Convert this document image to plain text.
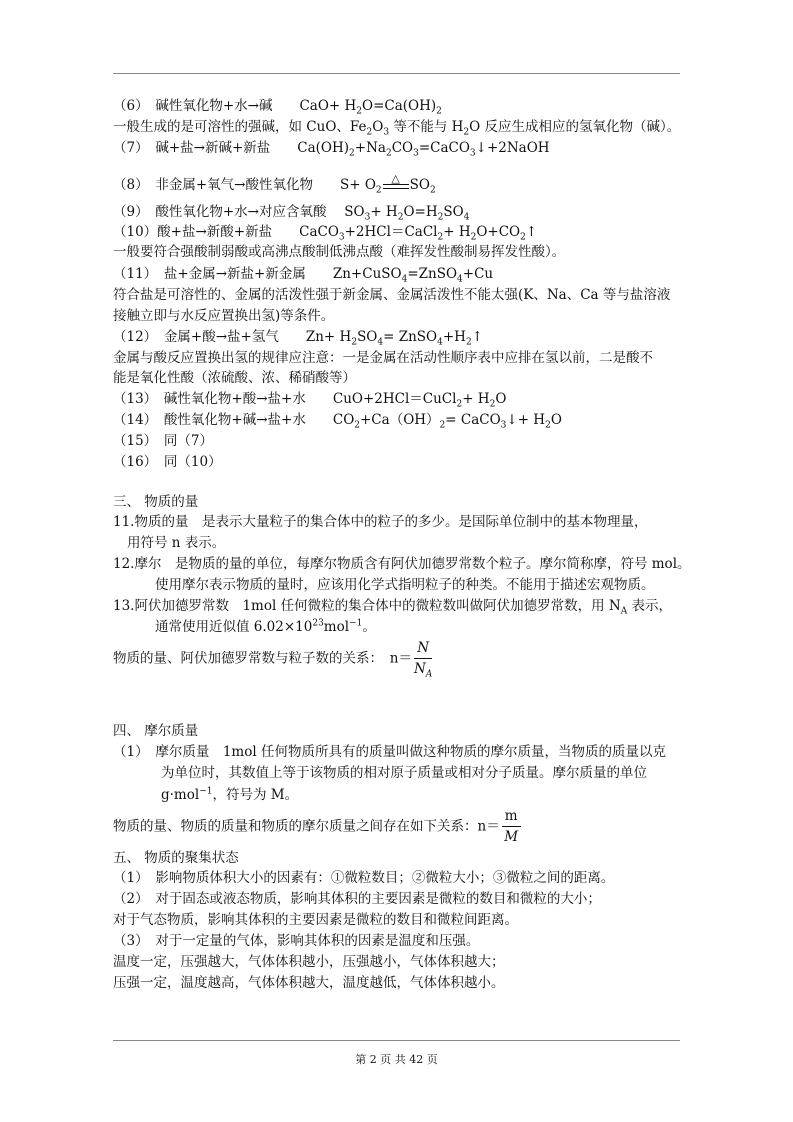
（6）　碱性氧化物+水→碱　　$CaO+ H_2O=Ca(OH)_2$
一般生成的是可溶性的强碱，如 CuO、$Fe_2O_3$ 等不能与 $H_2O$ 反应生成相应的氢氧化物（碱）。
（7）　碱+盐→新碱+新盐　　$Ca(OH)_2+Na_2CO_3=CaCO_3↓+2NaOH$
（8）　非金属+氧气→酸性氧化物　　$S+ O_2$
△ $SO_2$
（9）　酸性氧化物+水→对应含氧酸　 $SO_3+ H_2O=H_2SO_4$
（10）酸+盐→新酸+新盐　　CaCO$_3$+2HCl＝CaCl$_2$+ $H_2O+CO_2↑$
一般要符合强酸制弱酸或高沸点酸制低沸点酸（难挥发性酸制易挥发性酸）。
（11）　盐+金属→新盐+新金属　　Zn+CuSO$_4$=ZnSO$_4$+Cu
符合盐是可溶性的、金属的活泼性强于新金属、金属活泼性不能太强(K、Na、Ca 等与盐溶液
接触立即与水反应置换出氢)等条件。
（12）　金属+酸→盐+氢气　　$Zn+ H_2SO_4=$ $ZnSO_4+H_2↑$
金属与酸反应置换出氢的规律应注意：一是金属在活动性顺序表中应排在氢以前，二是酸不
能是氧化性酸（浓硫酸、浓、稀硝酸等）
（13）　碱性氧化物+酸→盐+水　　CuO+2HCl＝CuCl$_2$+ $H_2O$
（14）　酸性氧化物+碱→盐+水　　$CO_2+Ca(OH)_2=$ CaCO$_3$↓+ $H_2O$
（15）　同（7）
（16）　同（10）
三、 物质的量
11.物质的量　是表示大量粒子的集合体中的粒子的多少。是国际单位制中的基本物理量，
用符号 n 表示。
12.摩尔　是物质的量的单位，每摩尔物质含有阿伏加德罗常数个粒子。摩尔简称摩，符号 mol。
使用摩尔表示物质的量时，应该用化学式指明粒子的种类。不能用于描述宏观物质。
13.阿伏加德罗常数　1mol 任何微粒的集合体中的微粒数叫做阿伏加德罗常数，用 $N_A$ 表示，
通常使用近似值 $6.02\times 10^{23}mol^{-1}$。
物质的量、阿伏加德罗常数与粒子数的关系：　$n= \frac{N}{N_A}$
四、 摩尔质量
（1）　摩尔质量　1mol 任何物质所具有的质量叫做这种物质的摩尔质量，当物质的质量以克
为单位时，其数值上等于该物质的相对原子质量或相对分子质量。摩尔质量的单位
g·mol$^{-1}$，符号为 M。
物质的量、物质的质量和物质的摩尔质量之间存在如下关系：$n= \frac{m}{M}$
五、 物质的聚集状态
（1）　影响物质体积大小的因素有：①微粒数目；②微粒大小；③微粒之间的距离。
（2）　对于固态或液态物质，影响其体积的主要因素是微粒的数目和微粒的大小；
对于气态物质，影响其体积的主要因素是微粒的数目和微粒间距离。
（3）　对于一定量的气体，影响其体积的因素是温度和压强。
温度一定，压强越大，气体体积越小，压强越小，气体体积越大；
压强一定，温度越高，气体体积越大，温度越低，气体体积越小。
第 2 页 共 42 页
